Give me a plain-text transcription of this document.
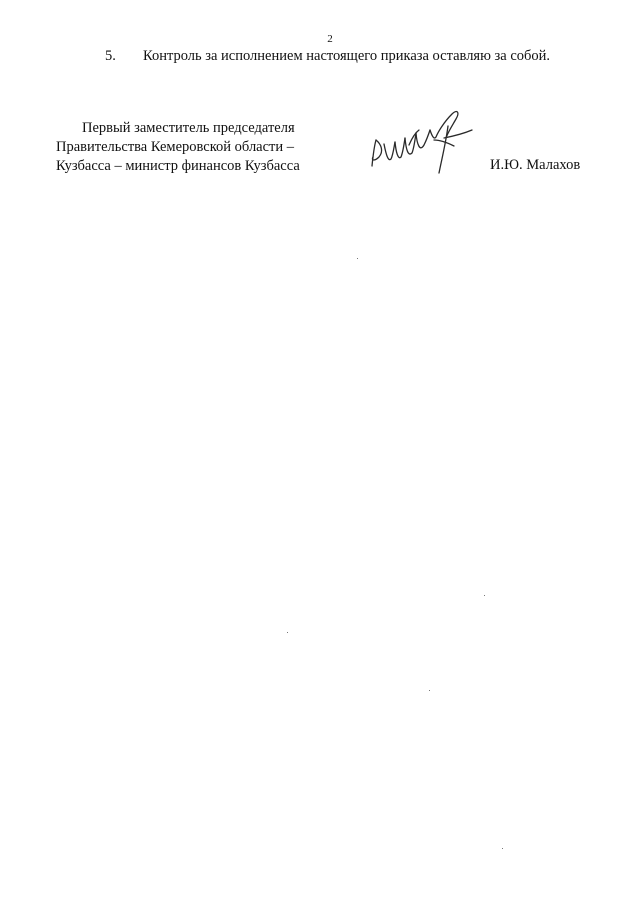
2
5. Контроль за исполнением настоящего приказа оставляю за собой.
Первый заместитель председателя
Правительства Кемеровской области –
Кузбасса – министр финансов Кузбасса	И.Ю. Малахов
